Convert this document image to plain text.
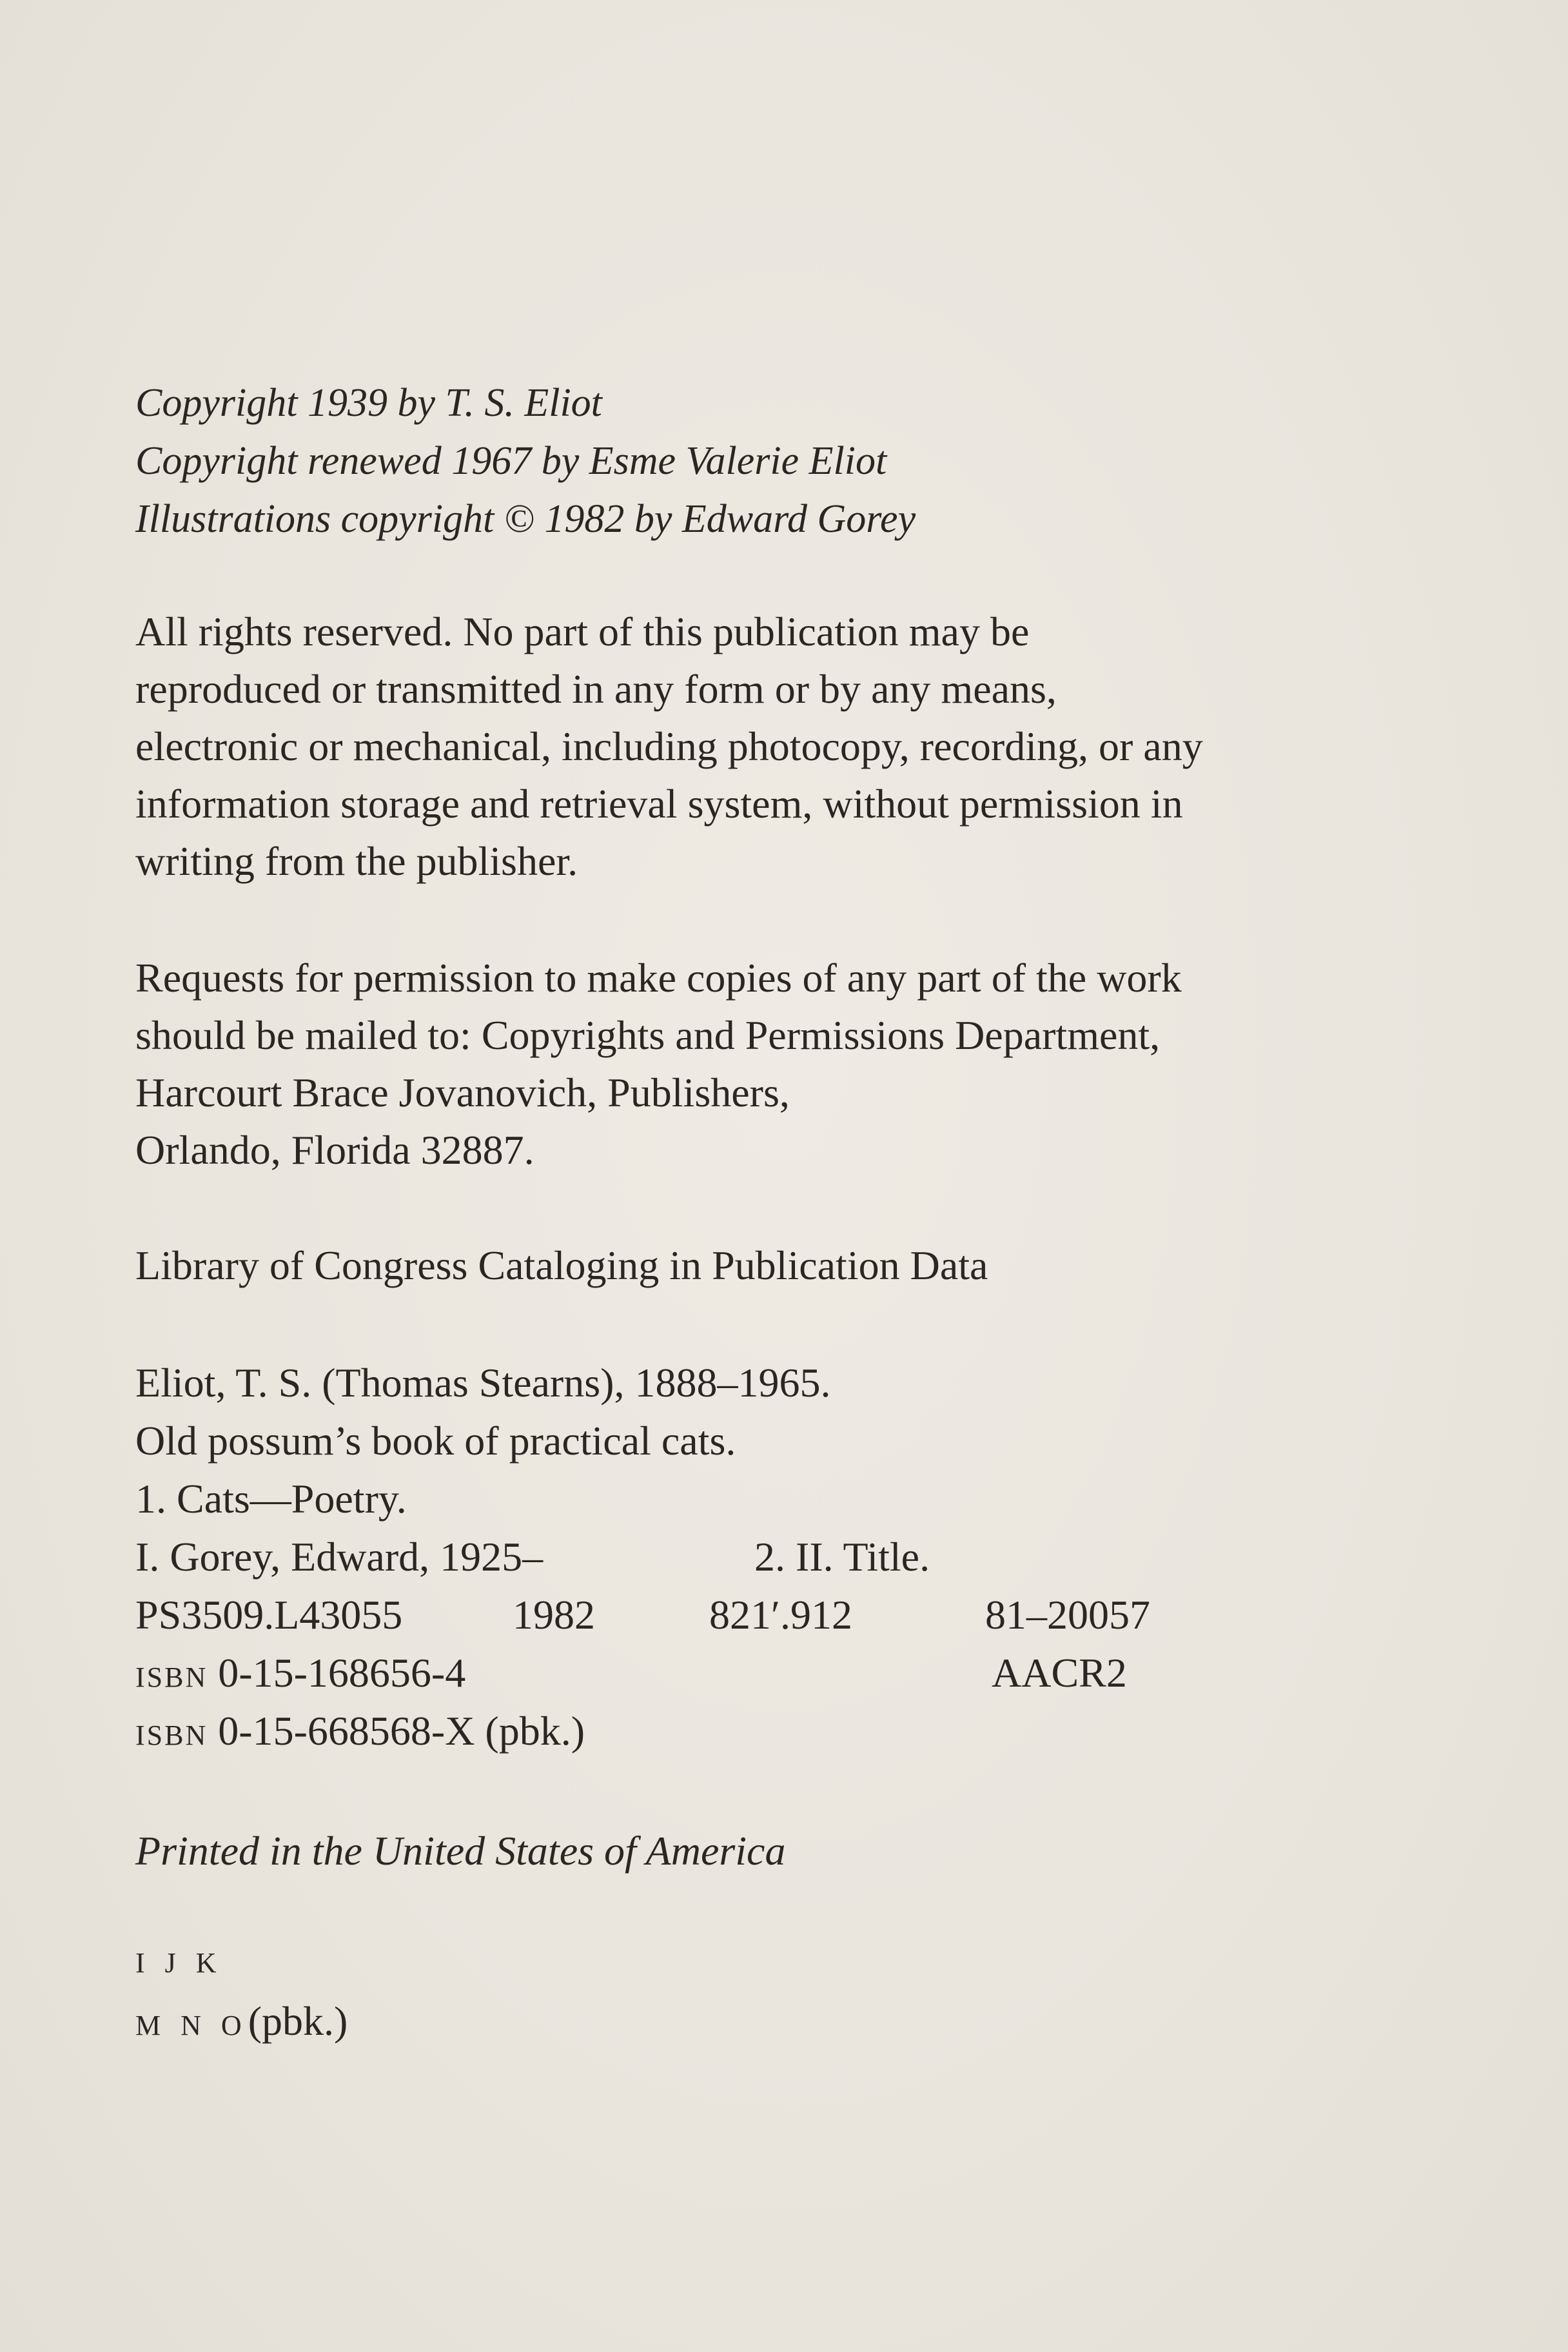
Copyright 1939 by T. S. Eliot
Copyright renewed 1967 by Esme Valerie Eliot
Illustrations copyright © 1982 by Edward Gorey
All rights reserved. No part of this publication may be
reproduced or transmitted in any form or by any means,
electronic or mechanical, including photocopy, recording, or any
information storage and retrieval system, without permission in
writing from the publisher.
Requests for permission to make copies of any part of the work
should be mailed to: Copyrights and Permissions Department,
Harcourt Brace Jovanovich, Publishers,
Orlando, Florida 32887.
Library of Congress Cataloging in Publication Data
Eliot, T. S. (Thomas Stearns), 1888–1965.
Old possum’s book of practical cats.
1. Cats—Poetry.
I. Gorey, Edward, 1925–	2. II. Title.
PS3509.L43055	1982	821′.912	81–20057
ISBN 0-15-168656-4	AACR2
ISBN 0-15-668568-X (pbk.)
Printed in the United States of America
I J K
M N O(pbk.)
